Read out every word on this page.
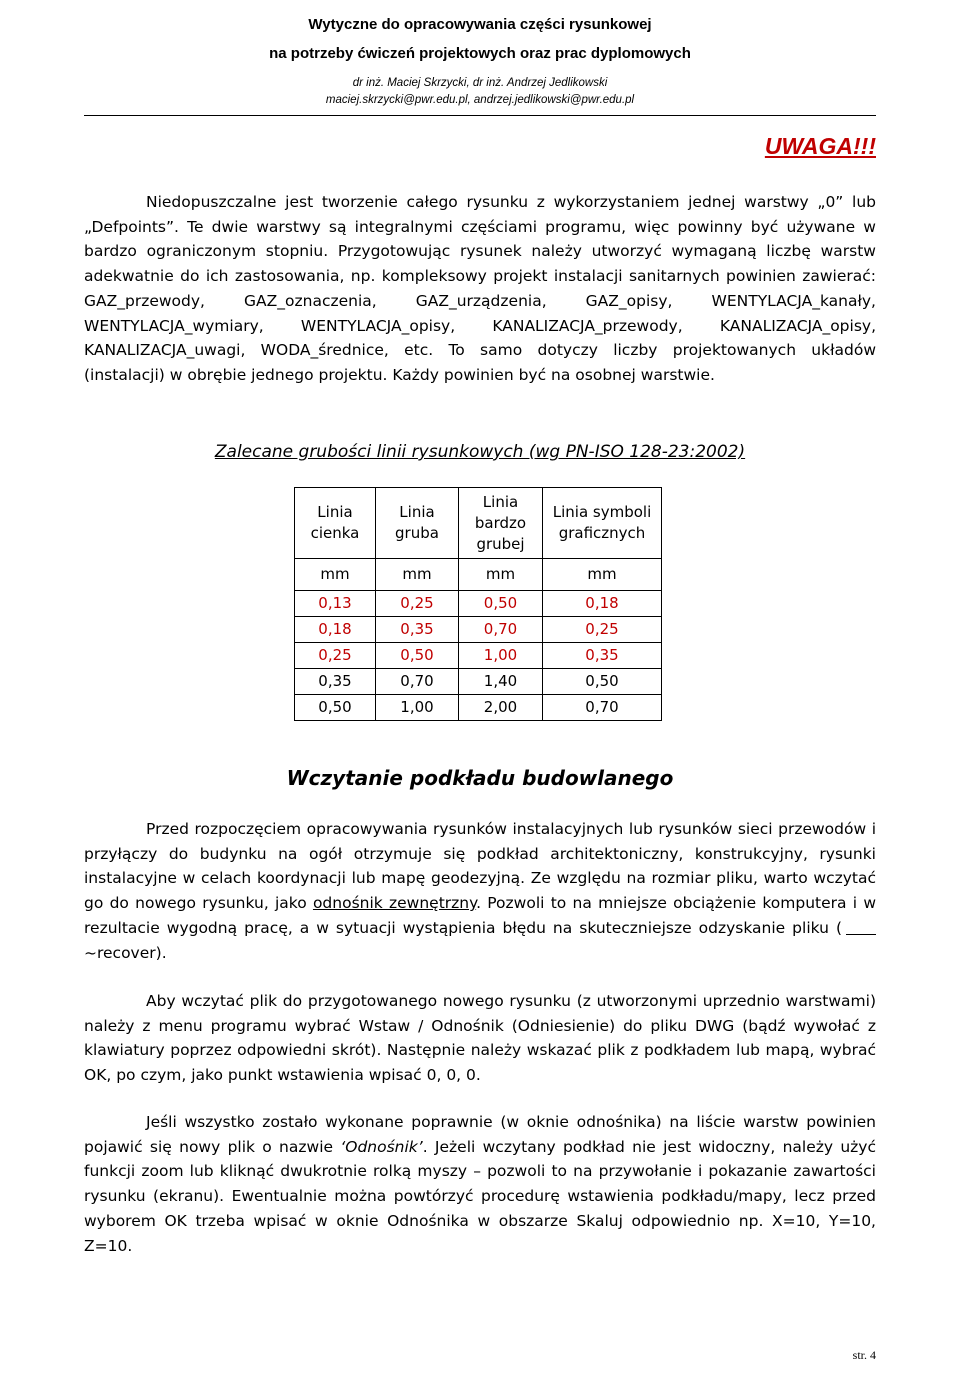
Wytyczne do opracowywania części rysunkowej
na potrzeby ćwiczeń projektowych oraz prac dyplomowych
dr inż. Maciej Skrzycki, dr inż. Andrzej Jedlikowski
maciej.skrzycki@pwr.edu.pl, andrzej.jedlikowski@pwr.edu.pl
UWAGA!!!
Niedopuszczalne jest tworzenie całego rysunku z wykorzystaniem jednej warstwy „0” lub „Defpoints”. Te dwie warstwy są integralnymi częściami programu, więc powinny być używane w bardzo ograniczonym stopniu. Przygotowując rysunek należy utworzyć wymaganą liczbę warstw adekwatnie do ich zastosowania, np. kompleksowy projekt instalacji sanitarnych powinien zawierać: GAZ_przewody, GAZ_oznaczenia, GAZ_urządzenia, GAZ_opisy, WENTYLACJA_kanały, WENTYLACJA_wymiary, WENTYLACJA_opisy, KANALIZACJA_przewody, KANALIZACJA_opisy, KANALIZACJA_uwagi, WODA_średnice, etc. To samo dotyczy liczby projektowanych układów (instalacji) w obrębie jednego projektu. Każdy powinien być na osobnej warstwie.
Zalecane grubości linii rysunkowych (wg PN-ISO 128-23:2002)
Linia cienka	Linia gruba	Linia bardzo grubej	Linia symboli graficznych
mm	mm	mm	mm
0,13	0,25	0,50	0,18
0,18	0,35	0,70	0,25
0,25	0,50	1,00	0,35
0,35	0,70	1,40	0,50
0,50	1,00	2,00	0,70
Wczytanie podkładu budowlanego
Przed rozpoczęciem opracowywania rysunków instalacyjnych lub rysunków sieci przewodów i przyłączy do budynku na ogół otrzymuje się podkład architektoniczny, konstrukcyjny, rysunki instalacyjne w celach koordynacji lub mapę geodezyjną. Ze względu na rozmiar pliku, warto wczytać go do nowego rysunku, jako odnośnik zewnętrzny. Pozwoli to na mniejsze obciążenie komputera i w rezultacie wygodną pracę, a w sytuacji wystąpienia błędu na skuteczniejsze odzyskanie pliku (~recover).
Aby wczytać plik do przygotowanego nowego rysunku (z utworzonymi uprzednio warstwami) należy z menu programu wybrać Wstaw / Odnośnik (Odniesienie) do pliku DWG (bądź wywołać z klawiatury poprzez odpowiedni skrót). Następnie należy wskazać plik z podkładem lub mapą, wybrać OK, po czym, jako punkt wstawienia wpisać 0, 0, 0.
Jeśli wszystko zostało wykonane poprawnie (w oknie odnośnika) na liście warstw powinien pojawić się nowy plik o nazwie ‘Odnośnik’. Jeżeli wczytany podkład nie jest widoczny, należy użyć funkcji zoom lub kliknąć dwukrotnie rolką myszy – pozwoli to na przywołanie i pokazanie zawartości rysunku (ekranu). Ewentualnie można powtórzyć procedurę wstawienia podkładu/mapy, lecz przed wyborem OK trzeba wpisać w oknie Odnośnika w obszarze Skaluj odpowiednio np. X=10, Y=10, Z=10.
str. 4
